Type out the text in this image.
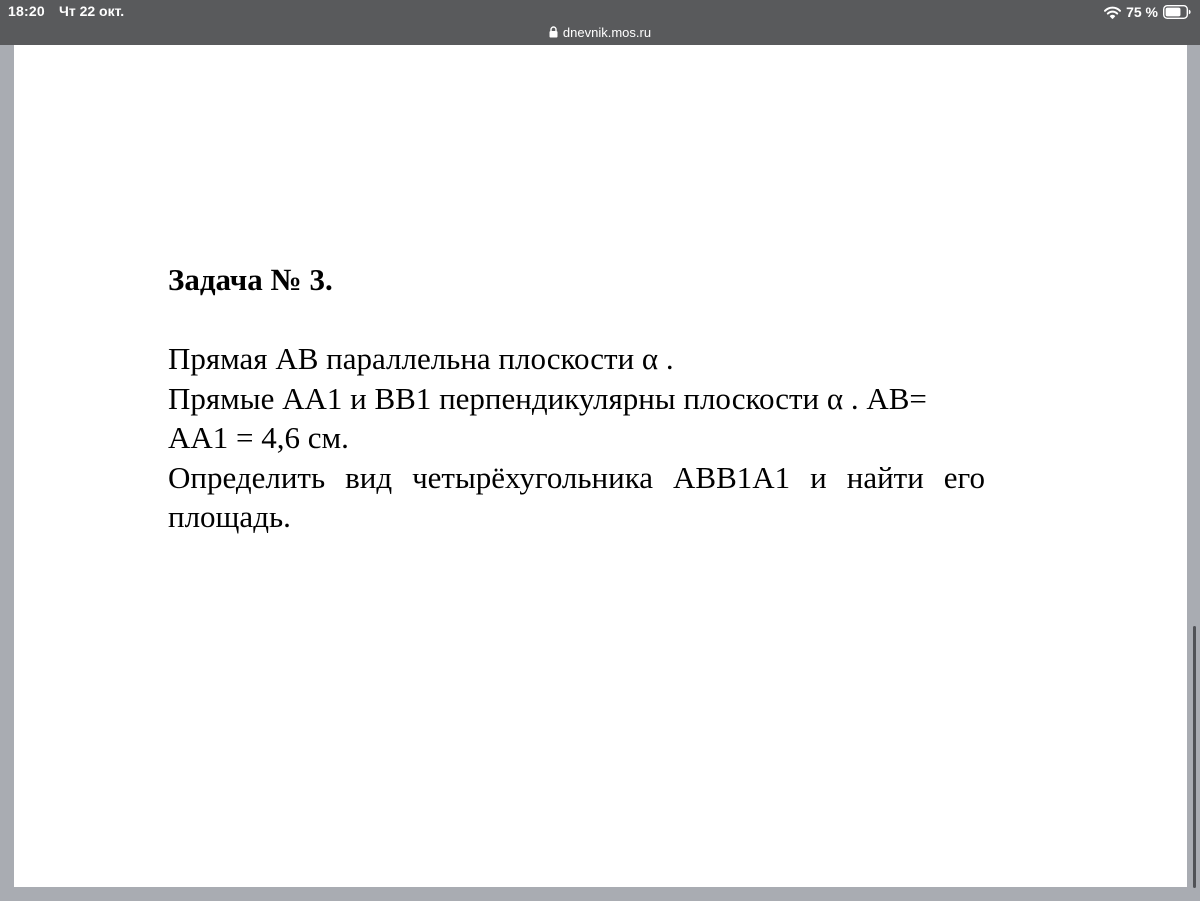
18:20 Чт 22 окт.	75 %
dnevnik.mos.ru
Задача № 3.

Прямая AB параллельна плоскости α .

Прямые AA1 и BB1 перпендикулярны плоскости α . AB= AA1 = 4,6 см.

Определить вид четырёхугольника ABB1A1 и найти его площадь.
